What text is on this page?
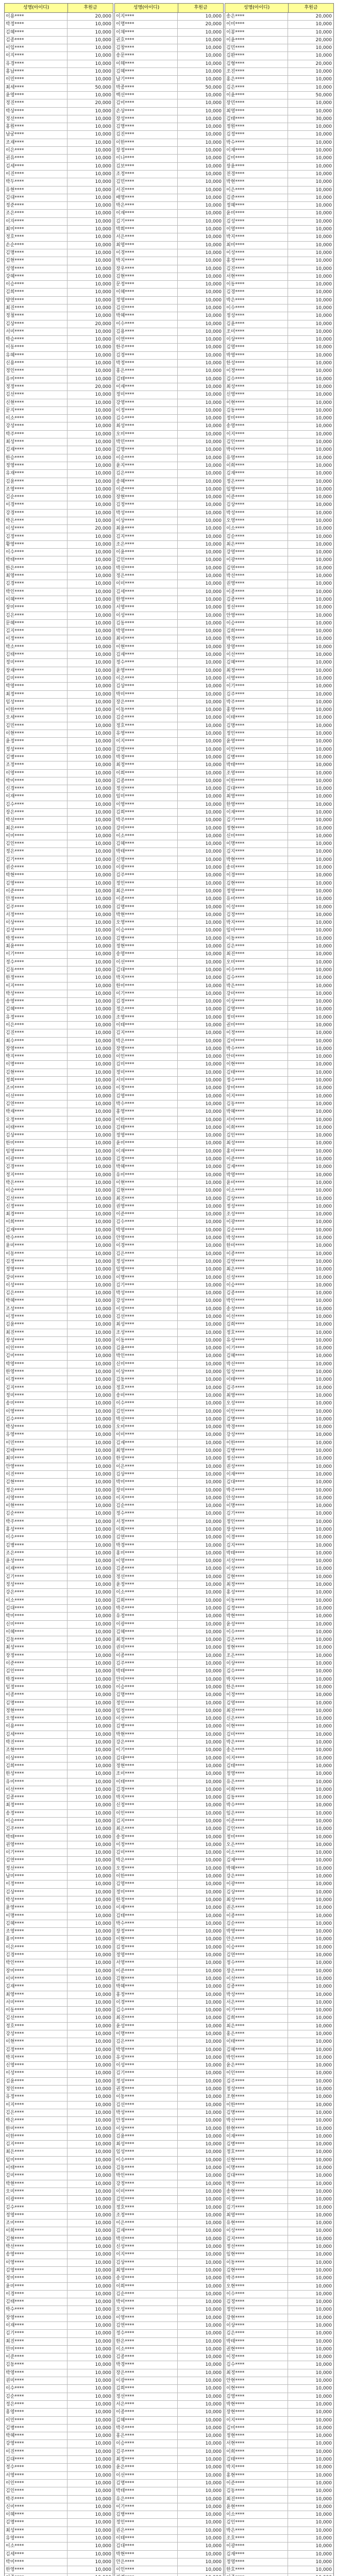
성명(아이디)	후원금
이용****	20,000
박정****	10,000
김혜****	10,000
김종****	10,000
이임****	10,000
이지****	10,000
유경****	10,000
홍남****	10,000
이민****	10,000
최세****	50,000
윤영****	10,000
정진****	20,000
박상****	10,000
정선****	10,000
홍원****	10,000
남궁****	10,000
조재****	10,000
이은****	10,000
권유****	10,000
김세****	10,000
이진****	10,000
박두****	10,000
유현****	10,000
김대****	10,000
정준****	10,000
조은****	10,000
이자****	10,000
최미****	10,000
정호****	10,000
손순****	10,000
김명****	10,000
김현****	10,000
성영****	10,000
강혜****	10,000
이승****	10,000
김희****	10,000
양연****	10,000
최진****	10,000
정철****	10,000
김상****	20,000
서미****	10,000
박승****	10,000
이동****	10,000
유혜****	10,000
신용****	10,000
정인****	10,000
유미****	10,000
정정****	20,000
김선****	10,000
신현****	10,000
문지****	10,000
이소****	10,000
강성****	10,000
박주****	10,000
최성****	10,000
김재****	10,000
한승****	10,000
정영****	10,000
유재****	10,000
김윤****	10,000
조영****	10,000
김순****	10,000
이경****	10,000
강경****	10,000
박은****	10,000
이성****	20,000
김정****	10,000
황영****	10,000
이수****	10,000
박태****	10,000
한은****	10,000
최영****	10,000
김경****	10,000
박인****	10,000
이혜****	10,000
장미****	10,000
김은****	10,000
문혜****	10,000
김지****	10,000
이정****	10,000
박소****	10,000
김태****	10,000
정미****	10,000
장재****	10,000
김미****	10,000
박영****	10,000
최정****	10,000
임성****	10,000
이한****	10,000
오세****	10,000
김민****	10,000
이현****	10,000
윤정****	10,000
정성****	10,000
김병****	10,000
조정****	10,000
이영****	10,000
박미****	10,000
신경****	10,000
이재****	10,000
김수****	10,000
장은****	10,000
박선****	10,000
최은****	10,000
이미****	10,000
김인****	10,000
정은****	10,000
김기****	10,000
권순****	10,000
박현****	10,000
김영****	10,000
이준****	10,000
안정****	10,000
김주****	10,000
서정****	10,000
이상****	10,000
김성****	10,000
박정****	10,000
최윤****	10,000
이기****	10,000
정수****	10,000
김동****	10,000
한정****	10,000
이지****	10,000
박성****	10,000
송영****	10,000
김혜****	10,000
유정****	10,000
이은****	10,000
김진****	10,000
최수****	10,000
장영****	10,000
박지****	10,000
이명****	10,000
김현****	10,000
정희****	10,000
조미****	10,000
이선****	10,000
김연****	10,000
박재****	10,000
오정****	10,000
이태****	10,000
김상****	10,000
한미****	10,000
임영****	10,000
이광****	10,000
김경****	10,000
정지****	10,000
박은****	10,000
이승****	10,000
김선****	10,000
신정****	10,000
최경****	10,000
이희****	10,000
김재****	10,000
박수****	10,000
윤미****	10,000
이동****	10,000
김정****	10,000
정영****	10,000
강미****	10,000
이성****	10,000
김은****	10,000
박혜****	10,000
조성****	10,000
이정****	10,000
김윤****	10,000
최진****	10,000
장성****	10,000
이인****	10,000
김미****	10,000
박영****	10,000
한영****	10,000
이경****	10,000
김지****	10,000
정미****	10,000
송미****	10,000
이영****	10,000
김수****	10,000
박상****	10,000
유영****	10,000
이민****	10,000
김태****	10,000
최미****	10,000
안영****	10,000
이진****	10,000
김현****	10,000
정은****	10,000
서영****	10,000
이현****	10,000
김순****	10,000
박주****	10,000
홍성****	10,000
이수****	10,000
김병****	10,000
조은****	10,000
윤성****	10,000
이재****	10,000
김기****	10,000
정성****	10,000
강은****	10,000
이소****	10,000
김대****	10,000
박미****	10,000
신미****	10,000
이혜****	10,000
김동****	10,000
최성****	10,000
장정****	10,000
이준****	10,000
김인****	10,000
박경****	10,000
임정****	10,000
이종****	10,000
김명****	10,000
정현****	10,000
오영****	10,000
이용****	10,000
김세****	10,000
박진****	10,000
조현****	10,000
이상****	10,000
김희****	10,000
한성****	10,000
유미****	10,000
이선****	10,000
김종****	10,000
최정****	10,000
송정****	10,000
이승****	10,000
김주****	10,000
박태****	10,000
권영****	10,000
이기****	10,000
김연****	10,000
정선****	10,000
남미****	10,000
이정****	10,000
김상****	10,000
박성****	10,000
윤영****	10,000
이명****	10,000
김혜****	10,000
조영****	10,000
홍미****	10,000
이은****	10,000
김경****	10,000
박인****	10,000
장미****	10,000
이미****	10,000
김재****	10,000
최영****	10,000
서미****	10,000
이동****	10,000
김선****	10,000
정호****	10,000
강성****	10,000
이현****	10,000
김정****	10,000
박지****	10,000
신영****	10,000
이성****	10,000
김윤****	10,000
정인****	10,000
유정****	10,000
이지****	10,000
김은****	10,000
박은****	10,000
한미****	10,000
이한****	10,000
김지****	10,000
최은****	10,000
임미****	10,000
이태****	10,000
김미****	10,000
박현****	10,000
오미****	10,000
이광****	10,000
김수****	10,000
정영****	10,000
조미****	10,000
이희****	10,000
김현****	10,000
박선****	10,000
송영****	10,000
이영****	10,000
김영****	10,000
정미****	10,000
윤미****	10,000
이경****	10,000
김태****	10,000
박수****	10,000
장영****	10,000
이재****	10,000
김기****	10,000
최진****	10,000
안미****	10,000
이준****	10,000
김동****	10,000
박영****	10,000
권미****	10,000
이수****	10,000
김순****	10,000
정은****	10,000
홍영****	10,000
이민****	10,000
김병****	10,000
박혜****	10,000
강영****	10,000
이진****	10,000
김대****	10,000
정수****	10,000
서영****	10,000
이인****	10,000
김인****	10,000
박주****	10,000
신미****	10,000
이혜****	10,000
김명****	10,000
최성****	10,000
유영****	10,000
이소****	10,000
김세****	10,000
박미****	10,000
한영****	10,000
성명(아이디)	후원금
이지****	10,000
이명****	20,000
이채****	10,000
권호****	10,000
김창****	10,000
송문****	10,000
이해****	10,000
김혜****	10,000
남기****	10,000
박종****	50,000
백선****	10,000
김미****	10,000
손상****	10,000
장성****	10,000
김명****	10,000
김진****	10,000
이한****	10,000
장정****	10,000
이나****	10,000
김보****	10,000
조정****	10,000
김민****	10,000
서진****	10,000
배영****	10,000
박은****	10,000
이재****	10,000
김기****	10,000
박희****	10,000
서은****	10,000
최영****	10,000
이경****	10,000
박지****	10,000
장우****	10,000
김현****	10,000
문정****	10,000
이혜****	10,000
정영****	10,000
김선****	10,000
박혜****	10,000
이수****	10,000
김용****	10,000
이연****	10,000
한주****	10,000
김경****	10,000
박정****	10,000
홍은****	10,000
김태****	10,000
이재****	10,000
정미****	10,000
강영****	10,000
이정****	10,000
김수****	10,000
최성****	10,000
오미****	10,000
박민****	10,000
김영****	10,000
이순****	10,000
윤지****	10,000
김은****	10,000
송혜****	10,000
이준****	10,000
장현****	10,000
김정****	10,000
박성****	10,000
이상****	10,000
최윤****	10,000
김지****	10,000
조은****	10,000
이윤****	10,000
김인****	10,000
박선****	10,000
정은****	10,000
이미****	10,000
김세****	10,000
한영****	10,000
서영****	10,000
이성****	10,000
김동****	10,000
박영****	10,000
최미****	10,000
이현****	10,000
김재****	10,000
정수****	10,000
윤영****	10,000
이은****	10,000
김상****	10,000
박미****	10,000
장은****	10,000
이동****	10,000
김순****	10,000
정호****	10,000
유영****	10,000
이지****	10,000
김연****	10,000
박경****	10,000
최정****	10,000
이희****	10,000
김종****	10,000
정선****	10,000
임미****	10,000
이영****	10,000
김희****	10,000
박주****	10,000
강미****	10,000
이소****	10,000
김혜****	10,000
박태****	10,000
신영****	10,000
이광****	10,000
김주****	10,000
정인****	10,000
최은****	10,000
이종****	10,000
김명****	10,000
박현****	10,000
오영****	10,000
이승****	10,000
김병****	10,000
정현****	10,000
송영****	10,000
이선****	10,000
김대****	10,000
박지****	10,000
한미****	10,000
이기****	10,000
김경****	10,000
정은****	10,000
조영****	10,000
이태****	10,000
김지****	10,000
박은****	10,000
장영****	10,000
이인****	10,000
김미****	10,000
정미****	10,000
서미****	10,000
이정****	10,000
김영****	10,000
박수****	10,000
홍영****	10,000
이한****	10,000
김태****	10,000
정영****	10,000
윤미****	10,000
이재****	10,000
김정****	10,000
박혜****	10,000
유미****	10,000
이현****	10,000
김현****	10,000
최진****	10,000
권영****	10,000
이준****	10,000
김수****	10,000
박영****	10,000
안영****	10,000
이경****	10,000
김은****	10,000
정성****	10,000
임영****	10,000
이명****	10,000
김기****	10,000
박성****	10,000
강성****	10,000
이성****	10,000
김선****	10,000
최성****	10,000
조성****	10,000
이동****	10,000
김윤****	10,000
박인****	10,000
신미****	10,000
이상****	10,000
김동****	10,000
정호****	10,000
송미****	10,000
이수****	10,000
김인****	10,000
박선****	10,000
오미****	10,000
이미****	10,000
김재****	10,000
최영****	10,000
한성****	10,000
이은****	10,000
김상****	10,000
박미****	10,000
장미****	10,000
이지****	10,000
김순****	10,000
정수****	10,000
서정****	10,000
이희****	10,000
김연****	10,000
박경****	10,000
홍미****	10,000
이영****	10,000
김종****	10,000
정선****	10,000
윤정****	10,000
이소****	10,000
김희****	10,000
박주****	10,000
유정****	10,000
이광****	10,000
김혜****	10,000
최정****	10,000
권미****	10,000
이종****	10,000
김주****	10,000
박태****	10,000
안미****	10,000
이승****	10,000
김명****	10,000
정인****	10,000
임정****	10,000
이선****	10,000
김병****	10,000
박현****	10,000
강은****	10,000
이기****	10,000
김대****	10,000
정현****	10,000
조미****	10,000
이태****	10,000
김경****	10,000
박지****	10,000
신정****	10,000
이인****	10,000
김지****	10,000
최은****	10,000
송정****	10,000
이정****	10,000
김미****	10,000
박은****	10,000
오정****	10,000
이한****	10,000
김영****	10,000
정미****	10,000
한정****	10,000
이재****	10,000
김태****	10,000
박수****	10,000
장정****	10,000
이현****	10,000
김정****	10,000
정영****	10,000
서영****	10,000
이준****	10,000
김현****	10,000
박혜****	10,000
홍정****	10,000
이경****	10,000
김수****	10,000
최진****	10,000
윤성****	10,000
이명****	10,000
김은****	10,000
박영****	10,000
유성****	10,000
이성****	10,000
김기****	10,000
정성****	10,000
권정****	10,000
이동****	10,000
김선****	10,000
박성****	10,000
안정****	10,000
이상****	10,000
김윤****	10,000
최성****	10,000
임성****	10,000
이수****	10,000
김동****	10,000
박인****	10,000
강정****	10,000
이미****	10,000
김인****	10,000
정호****	10,000
조정****	10,000
이은****	10,000
김재****	10,000
박선****	10,000
신성****	10,000
이지****	10,000
김상****	10,000
최영****	10,000
송성****	10,000
이희****	10,000
김순****	10,000
박미****	10,000
오성****	10,000
이영****	10,000
김연****	10,000
정수****	10,000
한은****	10,000
이소****	10,000
김종****	10,000
박경****	10,000
장은****	10,000
이광****	10,000
김희****	10,000
정선****	10,000
서은****	10,000
이종****	10,000
김혜****	10,000
박주****	10,000
홍은****	10,000
이승****	10,000
김주****	10,000
최정****	10,000
윤은****	10,000
이선****	10,000
김명****	10,000
박태****	10,000
유은****	10,000
이기****	10,000
김병****	10,000
정인****	10,000
권은****	10,000
이태****	10,000
김대****	10,000
박현****	10,000
안은****	10,000
이인****	10,000
성명(아이디)	후원금
송은****	20,000
이미****	10,000
이봉****	10,000
이윤****	20,000
김민****	10,000
김완****	10,000
김형****	20,000
조진****	10,000
홍은****	10,000
김은****	10,000
이윤****	50,000
장민****	10,000
최영****	10,000
김태****	30,000
정원****	10,000
김정****	10,000
박수****	10,000
이재****	10,000
김미****	10,000
장윤****	10,000
전경****	10,000
박현****	10,000
이은****	10,000
김준****	10,000
정혜****	10,000
윤미****	10,000
김성****	10,000
이영****	10,000
박지****	10,000
최미****	10,000
이성****	10,000
홍정****	10,000
김진****	10,000
서현****	10,000
이동****	10,000
김경****	10,000
박은****	10,000
이수****	10,000
정성****	10,000
김윤****	10,000
조미****	10,000
이상****	10,000
김영****	10,000
박영****	10,000
한성****	10,000
이정****	10,000
김수****	10,000
최성****	10,000
신영****	10,000
이현****	10,000
김동****	10,000
정미****	10,000
송영****	10,000
이지****	10,000
김인****	10,000
박미****	10,000
유영****	10,000
이희****	10,000
김재****	10,000
정은****	10,000
임영****	10,000
이준****	10,000
김상****	10,000
박성****	10,000
오영****	10,000
이소****	10,000
김순****	10,000
최은****	10,000
강영****	10,000
이광****	10,000
김연****	10,000
박선****	10,000
권영****	10,000
이종****	10,000
김종****	10,000
정선****	10,000
안영****	10,000
이승****	10,000
김희****	10,000
박경****	10,000
장영****	10,000
이선****	10,000
김혜****	10,000
최정****	10,000
서영****	10,000
이기****	10,000
김주****	10,000
박주****	10,000
홍영****	10,000
이태****	10,000
김명****	10,000
정인****	10,000
윤영****	10,000
이인****	10,000
김병****	10,000
박태****	10,000
조영****	10,000
이한****	10,000
김대****	10,000
최영****	10,000
한영****	10,000
이재****	10,000
김기****	10,000
정현****	10,000
신미****	10,000
이명****	10,000
김지****	10,000
박현****	10,000
송미****	10,000
이경****	10,000
김현****	10,000
정영****	10,000
유미****	10,000
이성****	10,000
김정****	10,000
박지****	10,000
임미****	10,000
이동****	10,000
김은****	10,000
최진****	10,000
오미****	10,000
이수****	10,000
김수****	10,000
박은****	10,000
강미****	10,000
이상****	10,000
김영****	10,000
정미****	10,000
권미****	10,000
이정****	10,000
김미****	10,000
박수****	10,000
안미****	10,000
이현****	10,000
김태****	10,000
정수****	10,000
장미****	10,000
이지****	10,000
김동****	10,000
박혜****	10,000
서미****	10,000
이희****	10,000
김인****	10,000
최성****	10,000
홍미****	10,000
이준****	10,000
김재****	10,000
박영****	10,000
윤미****	10,000
이소****	10,000
김상****	10,000
정성****	10,000
조성****	10,000
이광****	10,000
김순****	10,000
박성****	10,000
한미****	10,000
이종****	10,000
김연****	10,000
최은****	10,000
신성****	10,000
이승****	10,000
김종****	10,000
박인****	10,000
송성****	10,000
이선****	10,000
김희****	10,000
정호****	10,000
유성****	10,000
이기****	10,000
김혜****	10,000
박선****	10,000
임성****	10,000
이태****	10,000
김주****	10,000
최영****	10,000
오성****	10,000
이인****	10,000
김명****	10,000
박경****	10,000
강성****	10,000
이한****	10,000
김병****	10,000
정선****	10,000
권성****	10,000
이재****	10,000
김대****	10,000
박주****	10,000
안성****	10,000
이명****	10,000
김기****	10,000
정인****	10,000
장성****	10,000
이경****	10,000
김지****	10,000
박태****	10,000
서성****	10,000
이성****	10,000
김현****	10,000
최정****	10,000
홍성****	10,000
이동****	10,000
김정****	10,000
박현****	10,000
윤성****	10,000
이수****	10,000
김은****	10,000
정현****	10,000
조은****	10,000
이상****	10,000
김수****	10,000
박지****	10,000
한은****	10,000
이정****	10,000
김영****	10,000
최진****	10,000
신은****	10,000
이현****	10,000
김미****	10,000
박은****	10,000
송은****	10,000
이지****	10,000
김태****	10,000
정영****	10,000
유은****	10,000
이희****	10,000
김동****	10,000
박수****	10,000
임은****	10,000
이준****	10,000
김인****	10,000
정미****	10,000
오은****	10,000
이소****	10,000
김재****	10,000
박혜****	10,000
강은****	10,000
이광****	10,000
김상****	10,000
최성****	10,000
권은****	10,000
이종****	10,000
김순****	10,000
박영****	10,000
안은****	10,000
이승****	10,000
김연****	10,000
정수****	10,000
장은****	10,000
이선****	10,000
김종****	10,000
박성****	10,000
서은****	10,000
이기****	10,000
김희****	10,000
최은****	10,000
홍은****	10,000
이태****	10,000
김혜****	10,000
박인****	10,000
윤은****	10,000
이인****	10,000
김주****	10,000
정성****	10,000
조현****	10,000
이한****	10,000
김명****	10,000
박선****	10,000
한현****	10,000
이재****	10,000
김병****	10,000
정호****	10,000
신현****	10,000
이명****	10,000
김대****	10,000
박경****	10,000
송현****	10,000
이경****	10,000
김기****	10,000
최영****	10,000
유현****	10,000
이성****	10,000
김지****	10,000
정선****	10,000
임현****	10,000
이동****	10,000
김현****	10,000
박주****	10,000
오현****	10,000
이수****	10,000
김정****	10,000
정인****	10,000
강현****	10,000
이상****	10,000
김은****	10,000
박태****	10,000
권현****	10,000
이정****	10,000
김수****	10,000
최정****	10,000
안현****	10,000
이현****	10,000
김영****	10,000
박현****	10,000
장현****	10,000
이지****	10,000
김미****	10,000
정현****	10,000
서현****	10,000
이희****	10,000
김태****	10,000
박지****	10,000
홍현****	10,000
이준****	10,000
김동****	10,000
최진****	10,000
윤현****	10,000
이소****	10,000
김인****	10,000
박은****	10,000
조호****	10,000
이광****	10,000
김재****	10,000
정영****	10,000
한호****	10,000
